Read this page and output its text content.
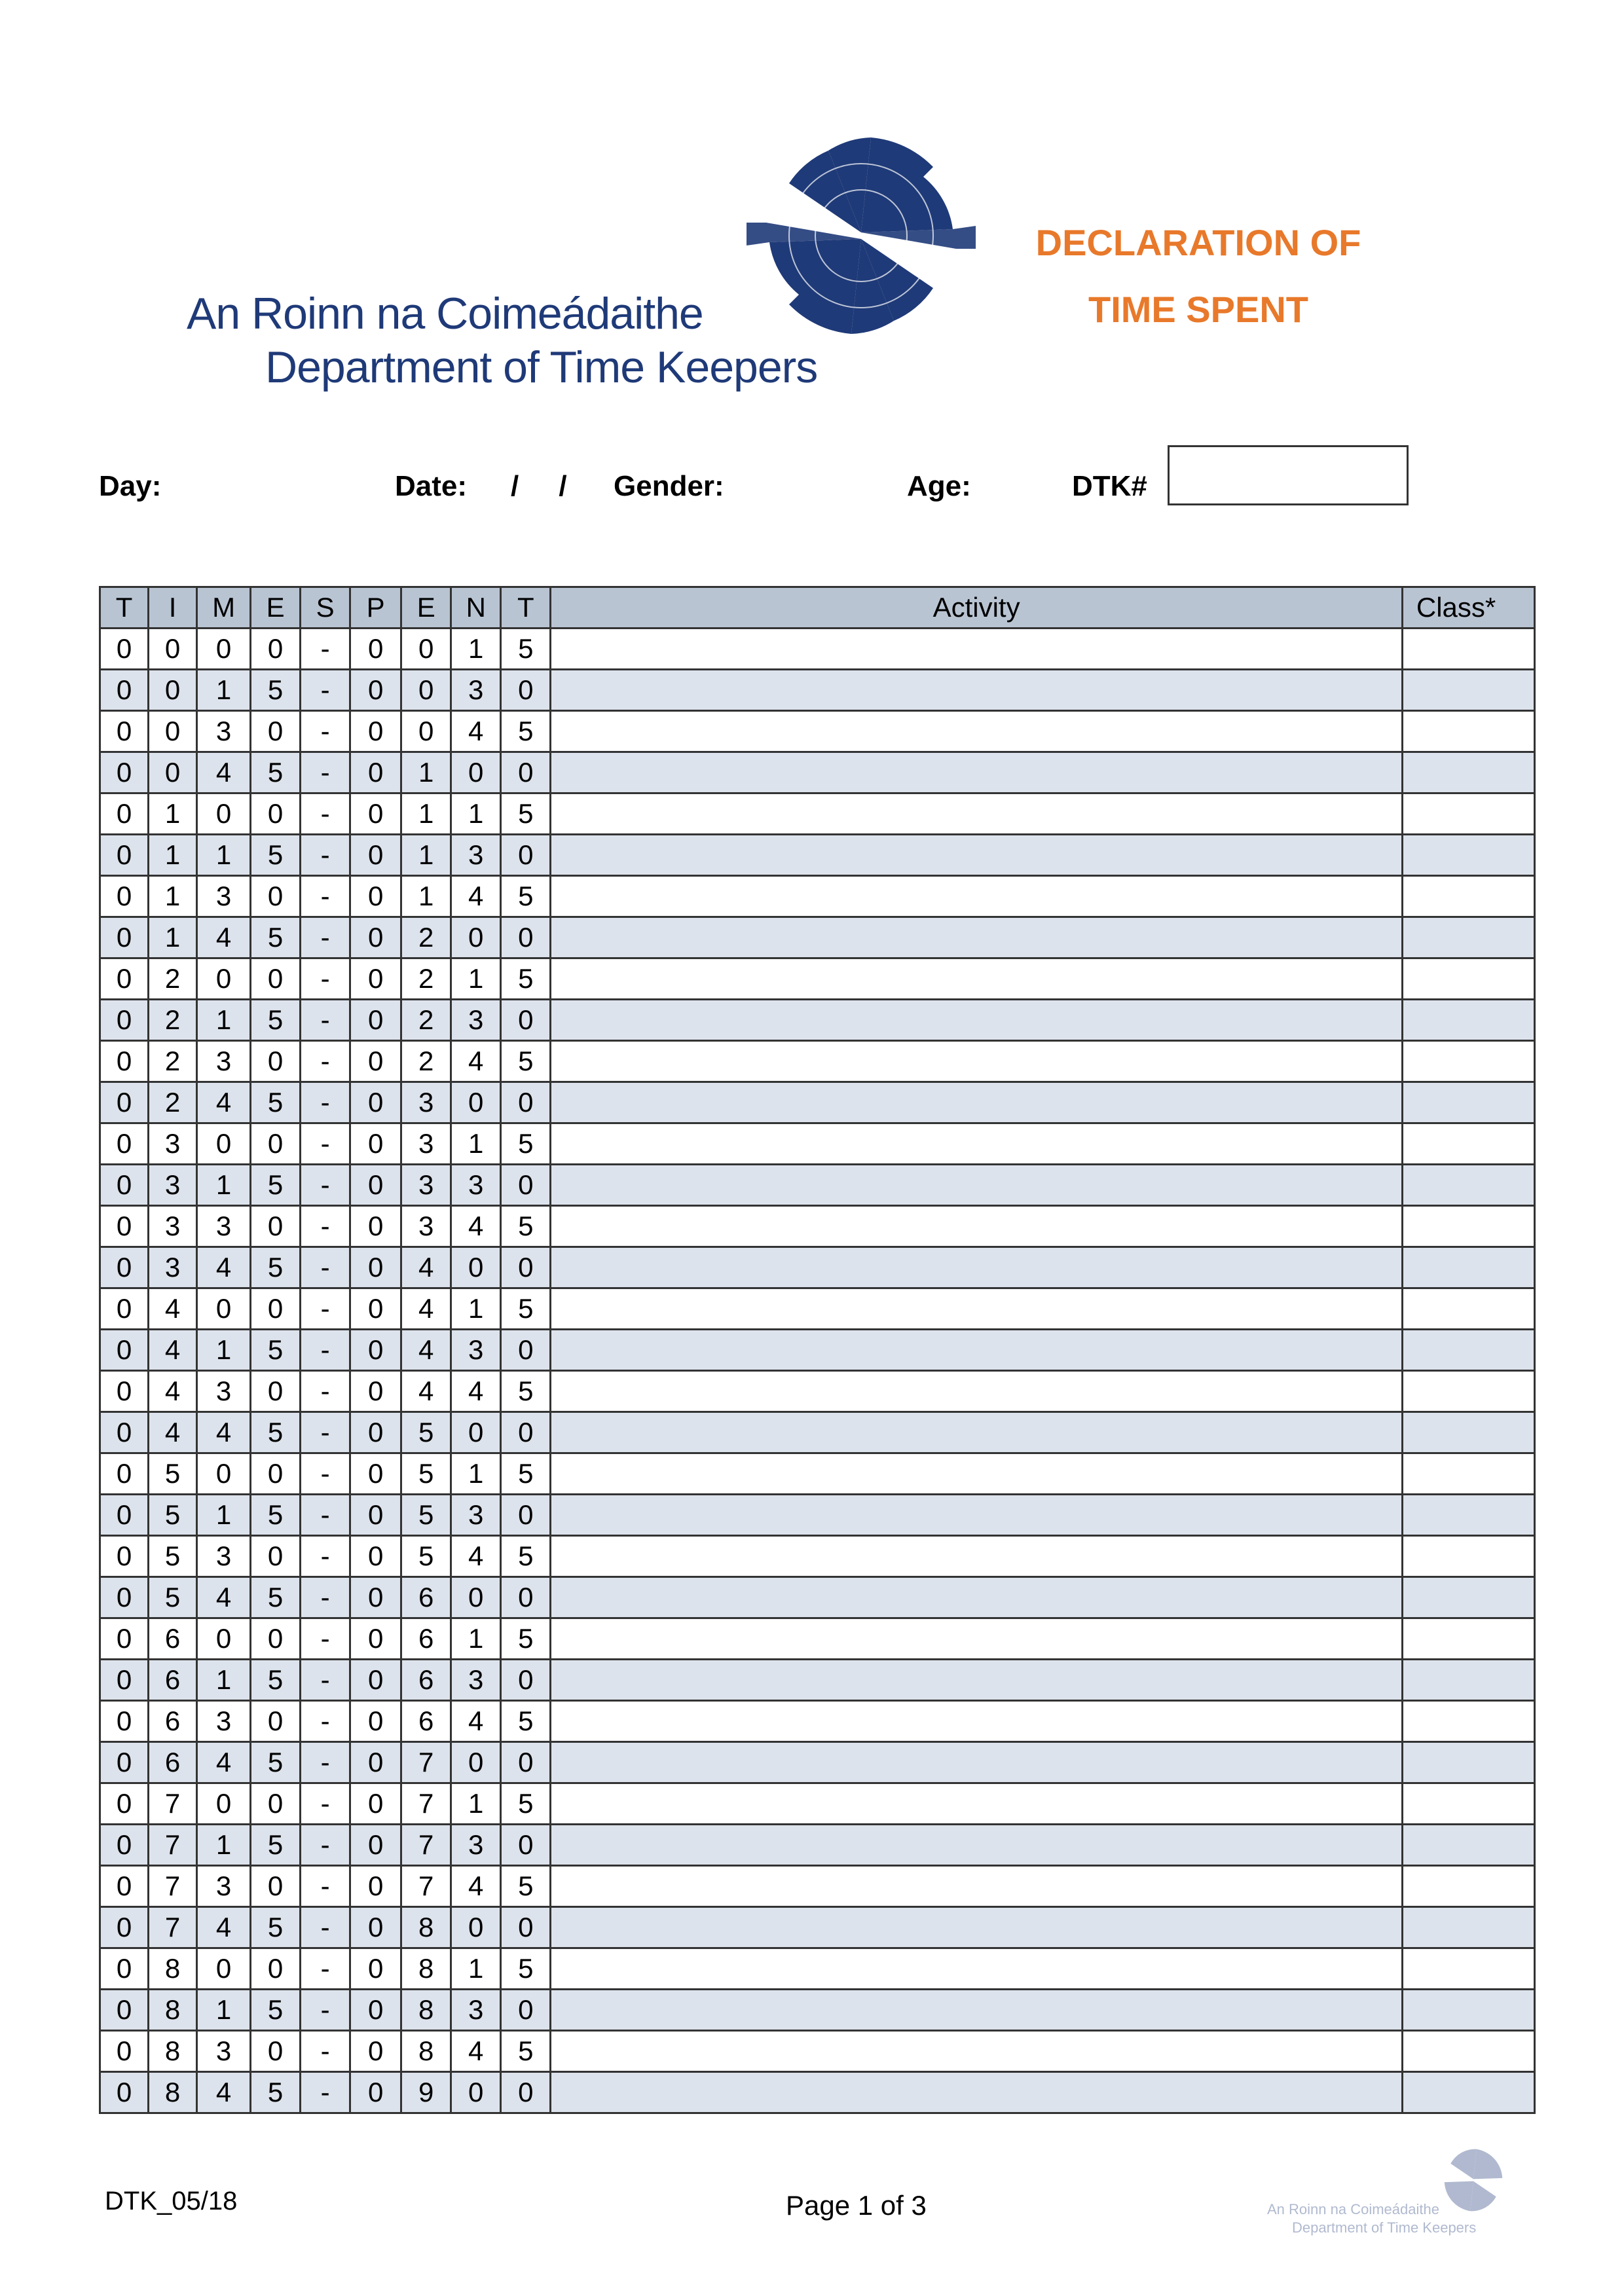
An Roinn na Coimeádaithe
Department of Time Keepers
DECLARATION OF
TIME SPENT
Day:	Date: /     / Gender:	Age:	DTK#
T	I	M	E	S	P	E	N	T	Activity	Class*
0	0	0	0	-	0	0	1	5		
0	0	1	5	-	0	0	3	0		
0	0	3	0	-	0	0	4	5		
0	0	4	5	-	0	1	0	0		
0	1	0	0	-	0	1	1	5		
0	1	1	5	-	0	1	3	0		
0	1	3	0	-	0	1	4	5		
0	1	4	5	-	0	2	0	0		
0	2	0	0	-	0	2	1	5		
0	2	1	5	-	0	2	3	0		
0	2	3	0	-	0	2	4	5		
0	2	4	5	-	0	3	0	0		
0	3	0	0	-	0	3	1	5		
0	3	1	5	-	0	3	3	0		
0	3	3	0	-	0	3	4	5		
0	3	4	5	-	0	4	0	0		
0	4	0	0	-	0	4	1	5		
0	4	1	5	-	0	4	3	0		
0	4	3	0	-	0	4	4	5		
0	4	4	5	-	0	5	0	0		
0	5	0	0	-	0	5	1	5		
0	5	1	5	-	0	5	3	0		
0	5	3	0	-	0	5	4	5		
0	5	4	5	-	0	6	0	0		
0	6	0	0	-	0	6	1	5		
0	6	1	5	-	0	6	3	0		
0	6	3	0	-	0	6	4	5		
0	6	4	5	-	0	7	0	0		
0	7	0	0	-	0	7	1	5		
0	7	1	5	-	0	7	3	0		
0	7	3	0	-	0	7	4	5		
0	7	4	5	-	0	8	0	0		
0	8	0	0	-	0	8	1	5		
0	8	1	5	-	0	8	3	0		
0	8	3	0	-	0	8	4	5		
0	8	4	5	-	0	9	0	0		
DTK_05/18	Page 1 of 3	An Roinn na Coimeádaithe
Department of Time Keepers
